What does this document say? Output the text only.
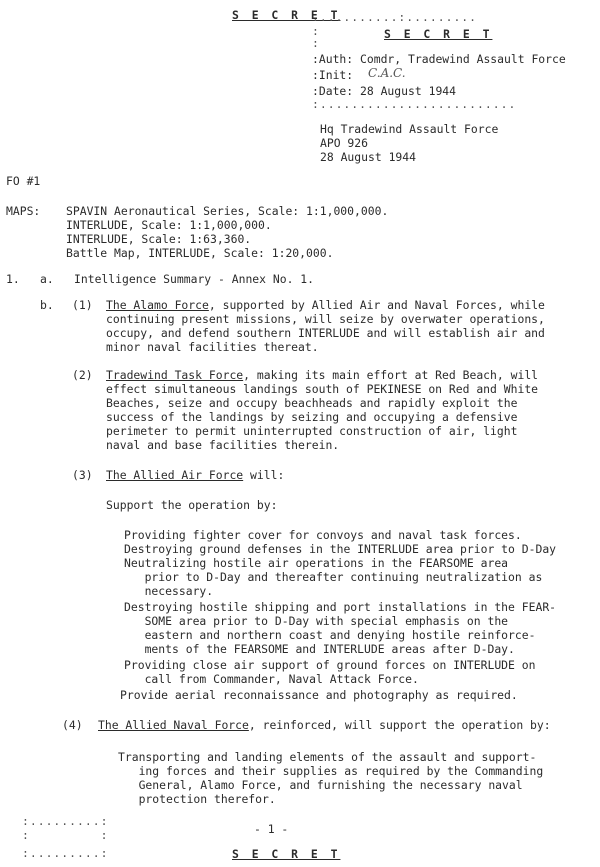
S E C R E T
...........:.........
S E C R E T
:
:
:Auth: Comdr, Tradewind Assault Force
:Init: C.A.C.
:Date: 28 August 1944
:.........................
Hq Tradewind Assault Force
APO 926
28 August 1944
FO #1
MAPS: SPAVIN Aeronautical Series, Scale: 1:1,000,000.
INTERLUDE, Scale: 1:1,000,000.
INTERLUDE, Scale: 1:63,360.
Battle Map, INTERLUDE, Scale: 1:20,000.
1. a. Intelligence Summary - Annex No. 1.
b. (1) The Alamo Force, supported by Allied Air and Naval Forces, while
continuing present missions, will seize by overwater operations,
occupy, and defend southern INTERLUDE and will establish air and
minor naval facilities thereat.
(2) Tradewind Task Force, making its main effort at Red Beach, will
effect simultaneous landings south of PEKINESE on Red and White
Beaches, seize and occupy beachheads and rapidly exploit the
success of the landings by seizing and occupying a defensive
perimeter to permit uninterrupted construction of air, light
naval and base facilities therein.
(3) The Allied Air Force will:
Support the operation by:
Providing fighter cover for convoys and naval task forces.
Destroying ground defenses in the INTERLUDE area prior to D-Day
Neutralizing hostile air operations in the FEARSOME area
prior to D-Day and thereafter continuing neutralization as
necessary.
Destroying hostile shipping and port installations in the FEAR-
SOME area prior to D-Day with special emphasis on the
eastern and northern coast and denying hostile reinforce-
ments of the FEARSOME and INTERLUDE areas after D-Day.
Providing close air support of ground forces on INTERLUDE on
call from Commander, Naval Attack Force.
Provide aerial reconnaissance and photography as required.
(4) The Allied Naval Force, reinforced, will support the operation by:
Transporting and landing elements of the assault and support-
ing forces and their supplies as required by the Commanding
General, Alamo Force, and furnishing the necessary naval
protection therefor.
:.........:
:         :
:.........:
- 1 -
S E C R E T
